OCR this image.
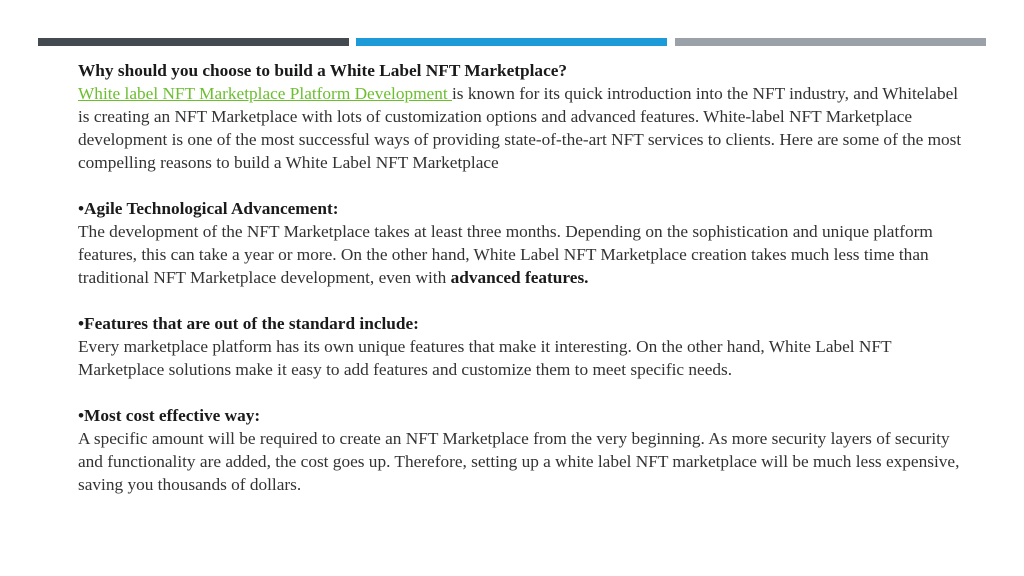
Why should you choose to build a White Label NFT Marketplace?

White label NFT Marketplace Platform Development is known for its quick introduction into the NFT industry, and Whitelabel is creating an NFT Marketplace with lots of customization options and advanced features. White-label NFT Marketplace development is one of the most successful ways of providing state-of-the-art NFT services to clients. Here are some of the most compelling reasons to build a White Label NFT Marketplace

•Agile Technological Advancement:

The development of the NFT Marketplace takes at least three months. Depending on the sophistication and unique platform features, this can take a year or more. On the other hand, White Label NFT Marketplace creation takes much less time than traditional NFT Marketplace development, even with advanced features.

•Features that are out of the standard include:

Every marketplace platform has its own unique features that make it interesting. On the other hand, White Label NFT Marketplace solutions make it easy to add features and customize them to meet specific needs.

•Most cost effective way:

A specific amount will be required to create an NFT Marketplace from the very beginning. As more security layers of security and functionality are added, the cost goes up. Therefore, setting up a white label NFT marketplace will be much less expensive, saving you thousands of dollars.
